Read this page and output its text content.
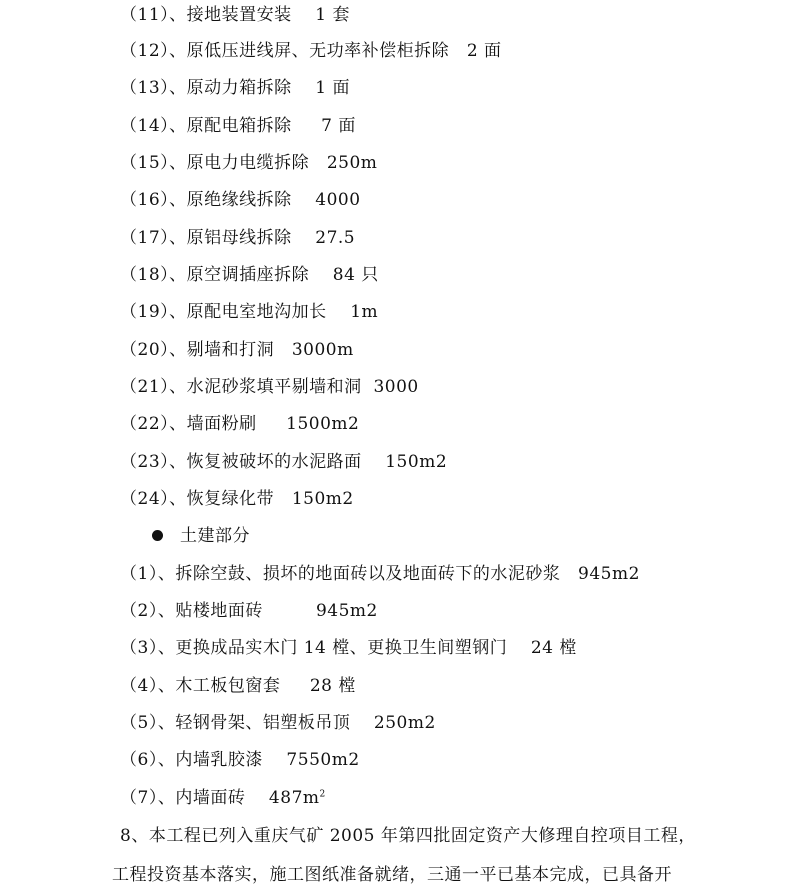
（11）、接地装置安装    1 套
（12）、原低压进线屏、无功率补偿柜拆除   2 面
（13）、原动力箱拆除    1 面
（14）、原配电箱拆除     7 面
（15）、原电力电缆拆除   250m
（16）、原绝缘线拆除    4000
（17）、原铝母线拆除    27.5
（18）、原空调插座拆除    84 只
（19）、原配电室地沟加长    1m
（20）、剔墙和打洞   3000m
（21）、水泥砂浆填平剔墙和洞  3000
（22）、墙面粉刷     1500m2
（23）、恢复被破坏的水泥路面    150m2
（24）、恢复绿化带   150m2
土建部分
（1）、拆除空鼓、损坏的地面砖以及地面砖下的水泥砂浆   945m2
（2）、贴楼地面砖         945m2
（3）、更换成品实木门 14 樘、更换卫生间塑钢门    24 樘
（4）、木工板包窗套     28 樘
（5）、轻钢骨架、铝塑板吊顶    250m2
（6）、内墙乳胶漆    7550m2
（7）、内墙面砖    $487m^2$
8、本工程已列入重庆气矿 2005 年第四批固定资产大修理自控项目工程，
工程投资基本落实，施工图纸准备就绪，三通一平已基本完成，已具备开
